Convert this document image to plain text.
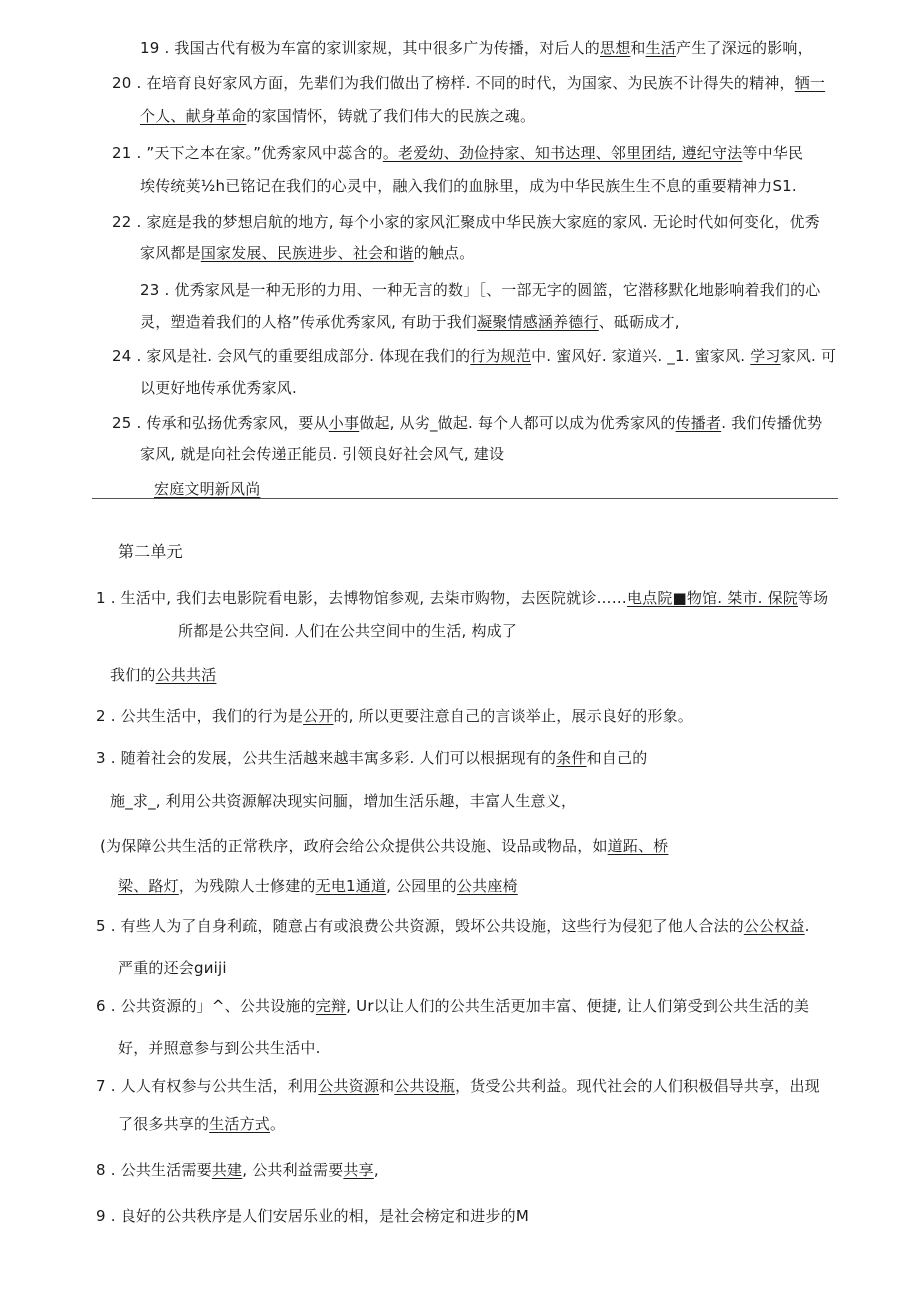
19 . 我国古代有极为车富的家训家规，其中很多广为传播，对后人的思想和生活产生了深远的影响，
20 . 在培育良好家风方面，先辈们为我们做出了榜样. 不同的时代，为国家、为民族不计得失的精神，牺一
个人、献身革命的家国情怀，铸就了我们伟大的民族之魂。
21 . ”天下之本在家。”优秀家风中蕊含的。老爱幼、劲俭持家、知书达理、邻里团结, 遵纪守法等中华民
埃传统荚½h已铭记在我们的心灵中，融入我们的血脉里，成为中华民族生生不息的重要精神力S1.
22 . 家庭是我的梦想启航的地方, 每个小家的家风汇聚成中华民族大家庭的家风. 无论时代如何变化，优秀
家风都是国家发展、民族进步、社会和谐的触点。
23 . 优秀家风是一种无形的力用、一种无言的数」［、一部无字的圆篮，它潜移默化地影响着我们的心
灵，塑造着我们的人格”传承优秀家风, 有助于我们凝聚情感涵养德行、砥砺成才,
24 . 家风是社. 会风气的重要组成部分. 体现在我们的行为规范中. 蜜风好. 家道兴. _1. 蜜家风. 学习家风. 可
以更好地传承优秀家风.
25 . 传承和弘扬优秀家风，要从小事做起, 从劣_做起. 每个人都可以成为优秀家风的传播者. 我们传播优势
家风, 就是向社会传递正能员. 引领良好社会风气, 建设
宏庭文明新风尚
第二单元
1 . 生活中, 我们去电影院看电影，去博物馆参观, 去柒市购物，去医院就诊……电点院■物馆. 桀市. 保院等场
所都是公共空间. 人们在公共空间中的生活, 构成了
我们的公共共活
2 . 公共生活中，我们的行为是公开的, 所以更要注意自己的言谈举止，展示良好的形象。
3 . 随着社会的发展，公共生活越来越丰寓多彩. 人们可以根据现有的条件和自己的
施_求_, 利用公共资源解决现实问腼，增加生活乐趣，丰富人生意义，
(为保障公共生活的正常秩序，政府会给公众提供公共设施、设品或物品，如道跖、桥
梁、路灯，为残隙人士修建的无电1通道, 公园里的公共座椅
5 . 有些人为了自身利疏，随意占有或浪费公共资源，毁坏公共设施，这些行为侵犯了他人合法的公公权益.
严重的还会gиiji
6 . 公共资源的」^、公共设施的完辩, Ur以让人们的公共生活更加丰富、便捷, 让人们第受到公共生活的美
好，并照意参与到公共生活中.
7 . 人人有权参与公共生活，利用公共资源和公共设瓶，货受公共利益。现代社会的人们积极倡导共享，出现
了很多共享的生活方式。
8 . 公共生活需要共建, 公共利益需要共享,
9 . 良好的公共秩序是人们安居乐业的相，是社会榜定和进步的M
